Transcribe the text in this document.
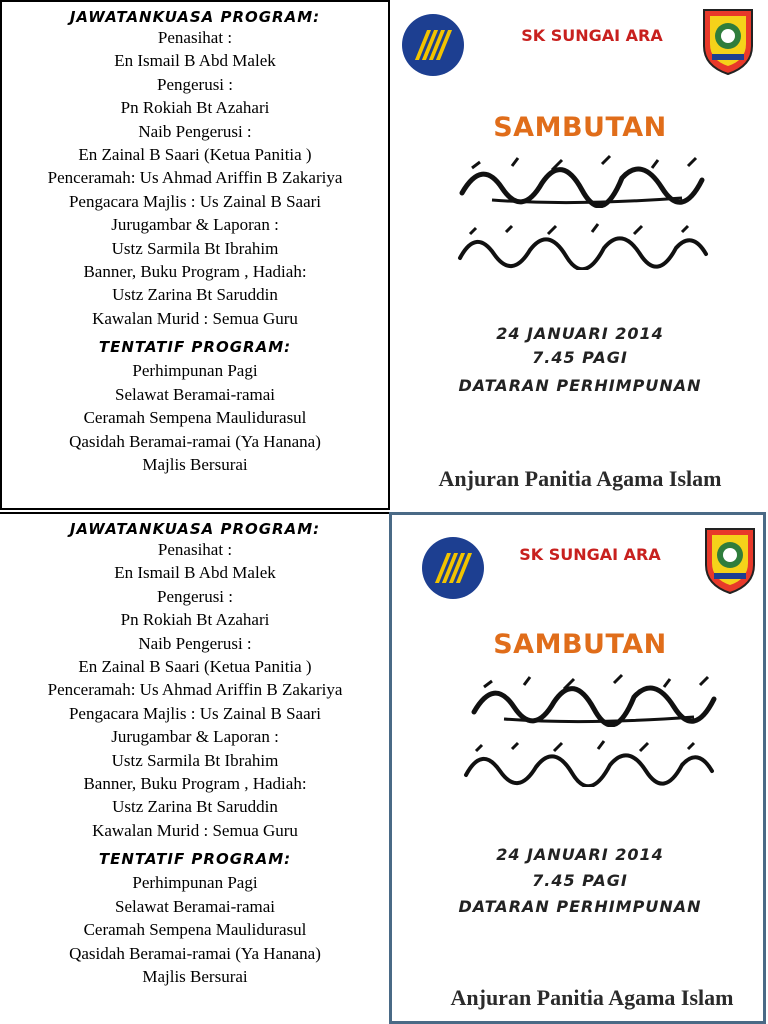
JAWATANKUASA PROGRAM:
Penasihat :
En Ismail B Abd Malek
Pengerusi :
Pn Rokiah Bt Azahari
Naib Pengerusi :
En Zainal B Saari (Ketua Panitia )
Penceramah: Us Ahmad Ariffin B Zakariya
Pengacara Majlis : Us Zainal B Saari
Jurugambar & Laporan :
Ustz Sarmila Bt Ibrahim
Banner, Buku Program , Hadiah:
Ustz Zarina Bt Saruddin
Kawalan Murid : Semua Guru
TENTATIF PROGRAM:
Perhimpunan Pagi
Selawat Beramai-ramai
Ceramah Sempena Maulidurasul
Qasidah Beramai-ramai (Ya Hanana)
Majlis Bersurai
SK SUNGAI ARA
SAMBUTAN
24 JANUARI 2014
7.45 PAGI
DATARAN PERHIMPUNAN
Anjuran Panitia Agama Islam
JAWATANKUASA PROGRAM:
Penasihat :
En Ismail B Abd Malek
Pengerusi :
Pn Rokiah Bt Azahari
Naib Pengerusi :
En Zainal B Saari (Ketua Panitia )
Penceramah: Us Ahmad Ariffin B Zakariya
Pengacara Majlis : Us Zainal B Saari
Jurugambar & Laporan :
Ustz Sarmila Bt Ibrahim
Banner, Buku Program , Hadiah:
Ustz Zarina Bt Saruddin
Kawalan Murid : Semua Guru
TENTATIF PROGRAM:
Perhimpunan Pagi
Selawat Beramai-ramai
Ceramah Sempena Maulidurasul
Qasidah Beramai-ramai (Ya Hanana)
Majlis Bersurai
SK SUNGAI ARA
SAMBUTAN
24 JANUARI 2014
7.45 PAGI
DATARAN PERHIMPUNAN
Anjuran Panitia Agama Islam
